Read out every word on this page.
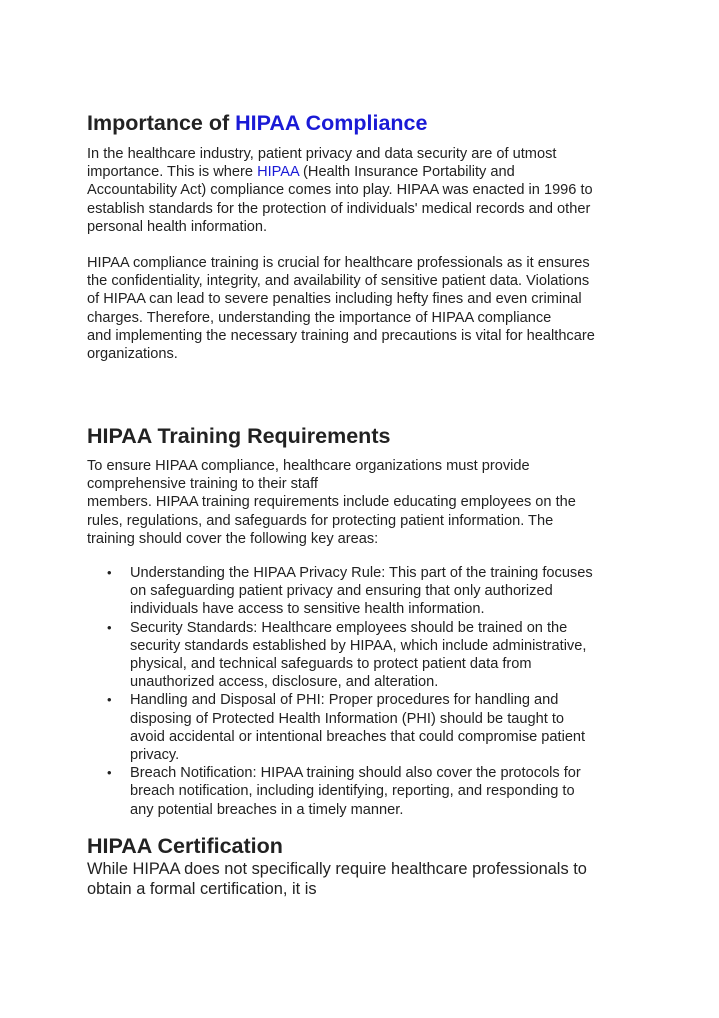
Importance of HIPAA Compliance

In the healthcare industry, patient privacy and data security are of utmost
importance. This is where HIPAA (Health Insurance Portability and
Accountability Act) compliance comes into play. HIPAA was enacted in 1996 to
establish standards for the protection of individuals' medical records and other
personal health information.

HIPAA compliance training is crucial for healthcare professionals as it ensures
the confidentiality, integrity, and availability of sensitive patient data. Violations
of HIPAA can lead to severe penalties including hefty fines and even criminal
charges. Therefore, understanding the importance of HIPAA compliance
and implementing the necessary training and precautions is vital for healthcare
organizations.

HIPAA Training Requirements

To ensure HIPAA compliance, healthcare organizations must provide
comprehensive training to their staff
members. HIPAA training requirements include educating employees on the
rules, regulations, and safeguards for protecting patient information. The
training should cover the following key areas:

• Understanding the HIPAA Privacy Rule: This part of the training focuses
on safeguarding patient privacy and ensuring that only authorized
individuals have access to sensitive health information.
• Security Standards: Healthcare employees should be trained on the
security standards established by HIPAA, which include administrative,
physical, and technical safeguards to protect patient data from
unauthorized access, disclosure, and alteration.
• Handling and Disposal of PHI: Proper procedures for handling and
disposing of Protected Health Information (PHI) should be taught to
avoid accidental or intentional breaches that could compromise patient
privacy.
• Breach Notification: HIPAA training should also cover the protocols for
breach notification, including identifying, reporting, and responding to
any potential breaches in a timely manner.
HIPAA Certification

While HIPAA does not specifically require healthcare professionals to
obtain a formal certification, it is
